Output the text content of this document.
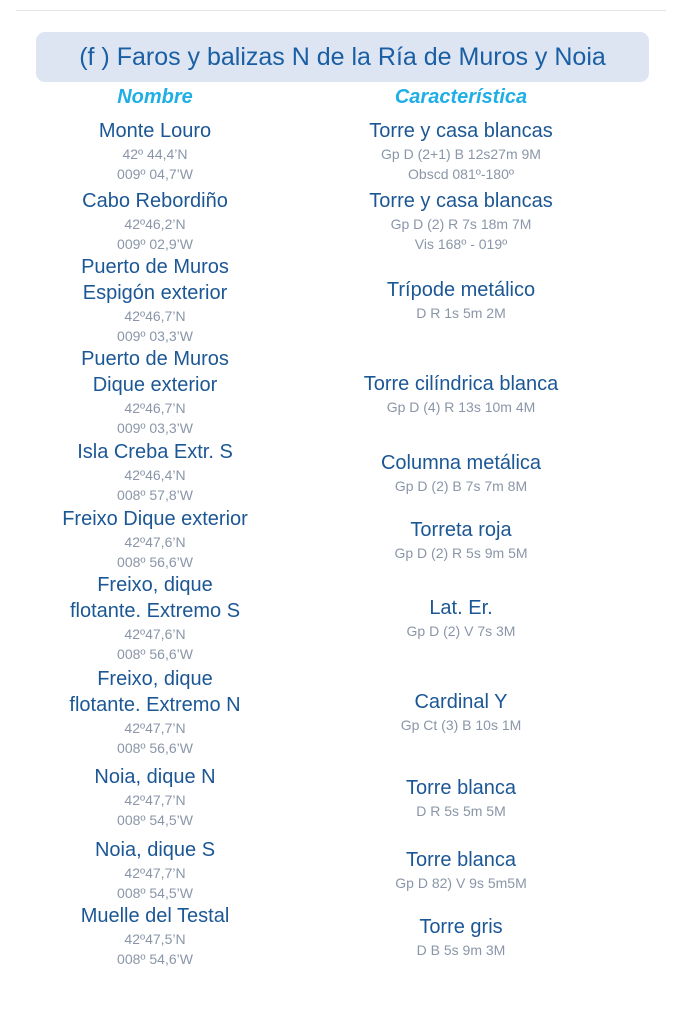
(f ) Faros y balizas N de la Ría de Muros y Noia
Nombre	Característica
Monte Louro
42º 44,4’N
009º 04,7’W
Torre y casa blancas
Gp D (2+1) B 12s27m 9M
Obscd 081º-180º
Cabo Rebordiño
42º46,2’N
009º 02,9’W
Torre y casa blancas
Gp D (2) R 7s 18m 7M
Vis 168º - 019º
Puerto de Muros
Espigón exterior
42º46,7’N
009º 03,3’W
Trípode metálico
D R 1s 5m 2M
Puerto de Muros
Dique exterior
42º46,7’N
009º 03,3’W
Torre cilíndrica blanca
Gp D (4) R 13s 10m 4M
Isla Creba Extr. S
42º46,4’N
008º 57,8’W
Columna metálica
Gp D (2) B 7s 7m 8M
Freixo Dique exterior
42º47,6’N
008º 56,6’W
Torreta roja
Gp D (2) R 5s 9m 5M
Freixo, dique
flotante. Extremo S
42º47,6’N
008º 56,6’W
Lat. Er.
Gp D (2) V 7s 3M
Freixo, dique
flotante. Extremo N
42º47,7’N
008º 56,6’W
Cardinal Y
Gp Ct (3) B 10s 1M
Noia, dique N
42º47,7’N
008º 54,5’W
Torre blanca
D R 5s 5m 5M
Noia, dique S
42º47,7’N
008º 54,5’W
Torre blanca
Gp D 82) V 9s 5m5M
Muelle del Testal
42º47,5’N
008º 54,6’W
Torre gris
D B 5s 9m 3M
